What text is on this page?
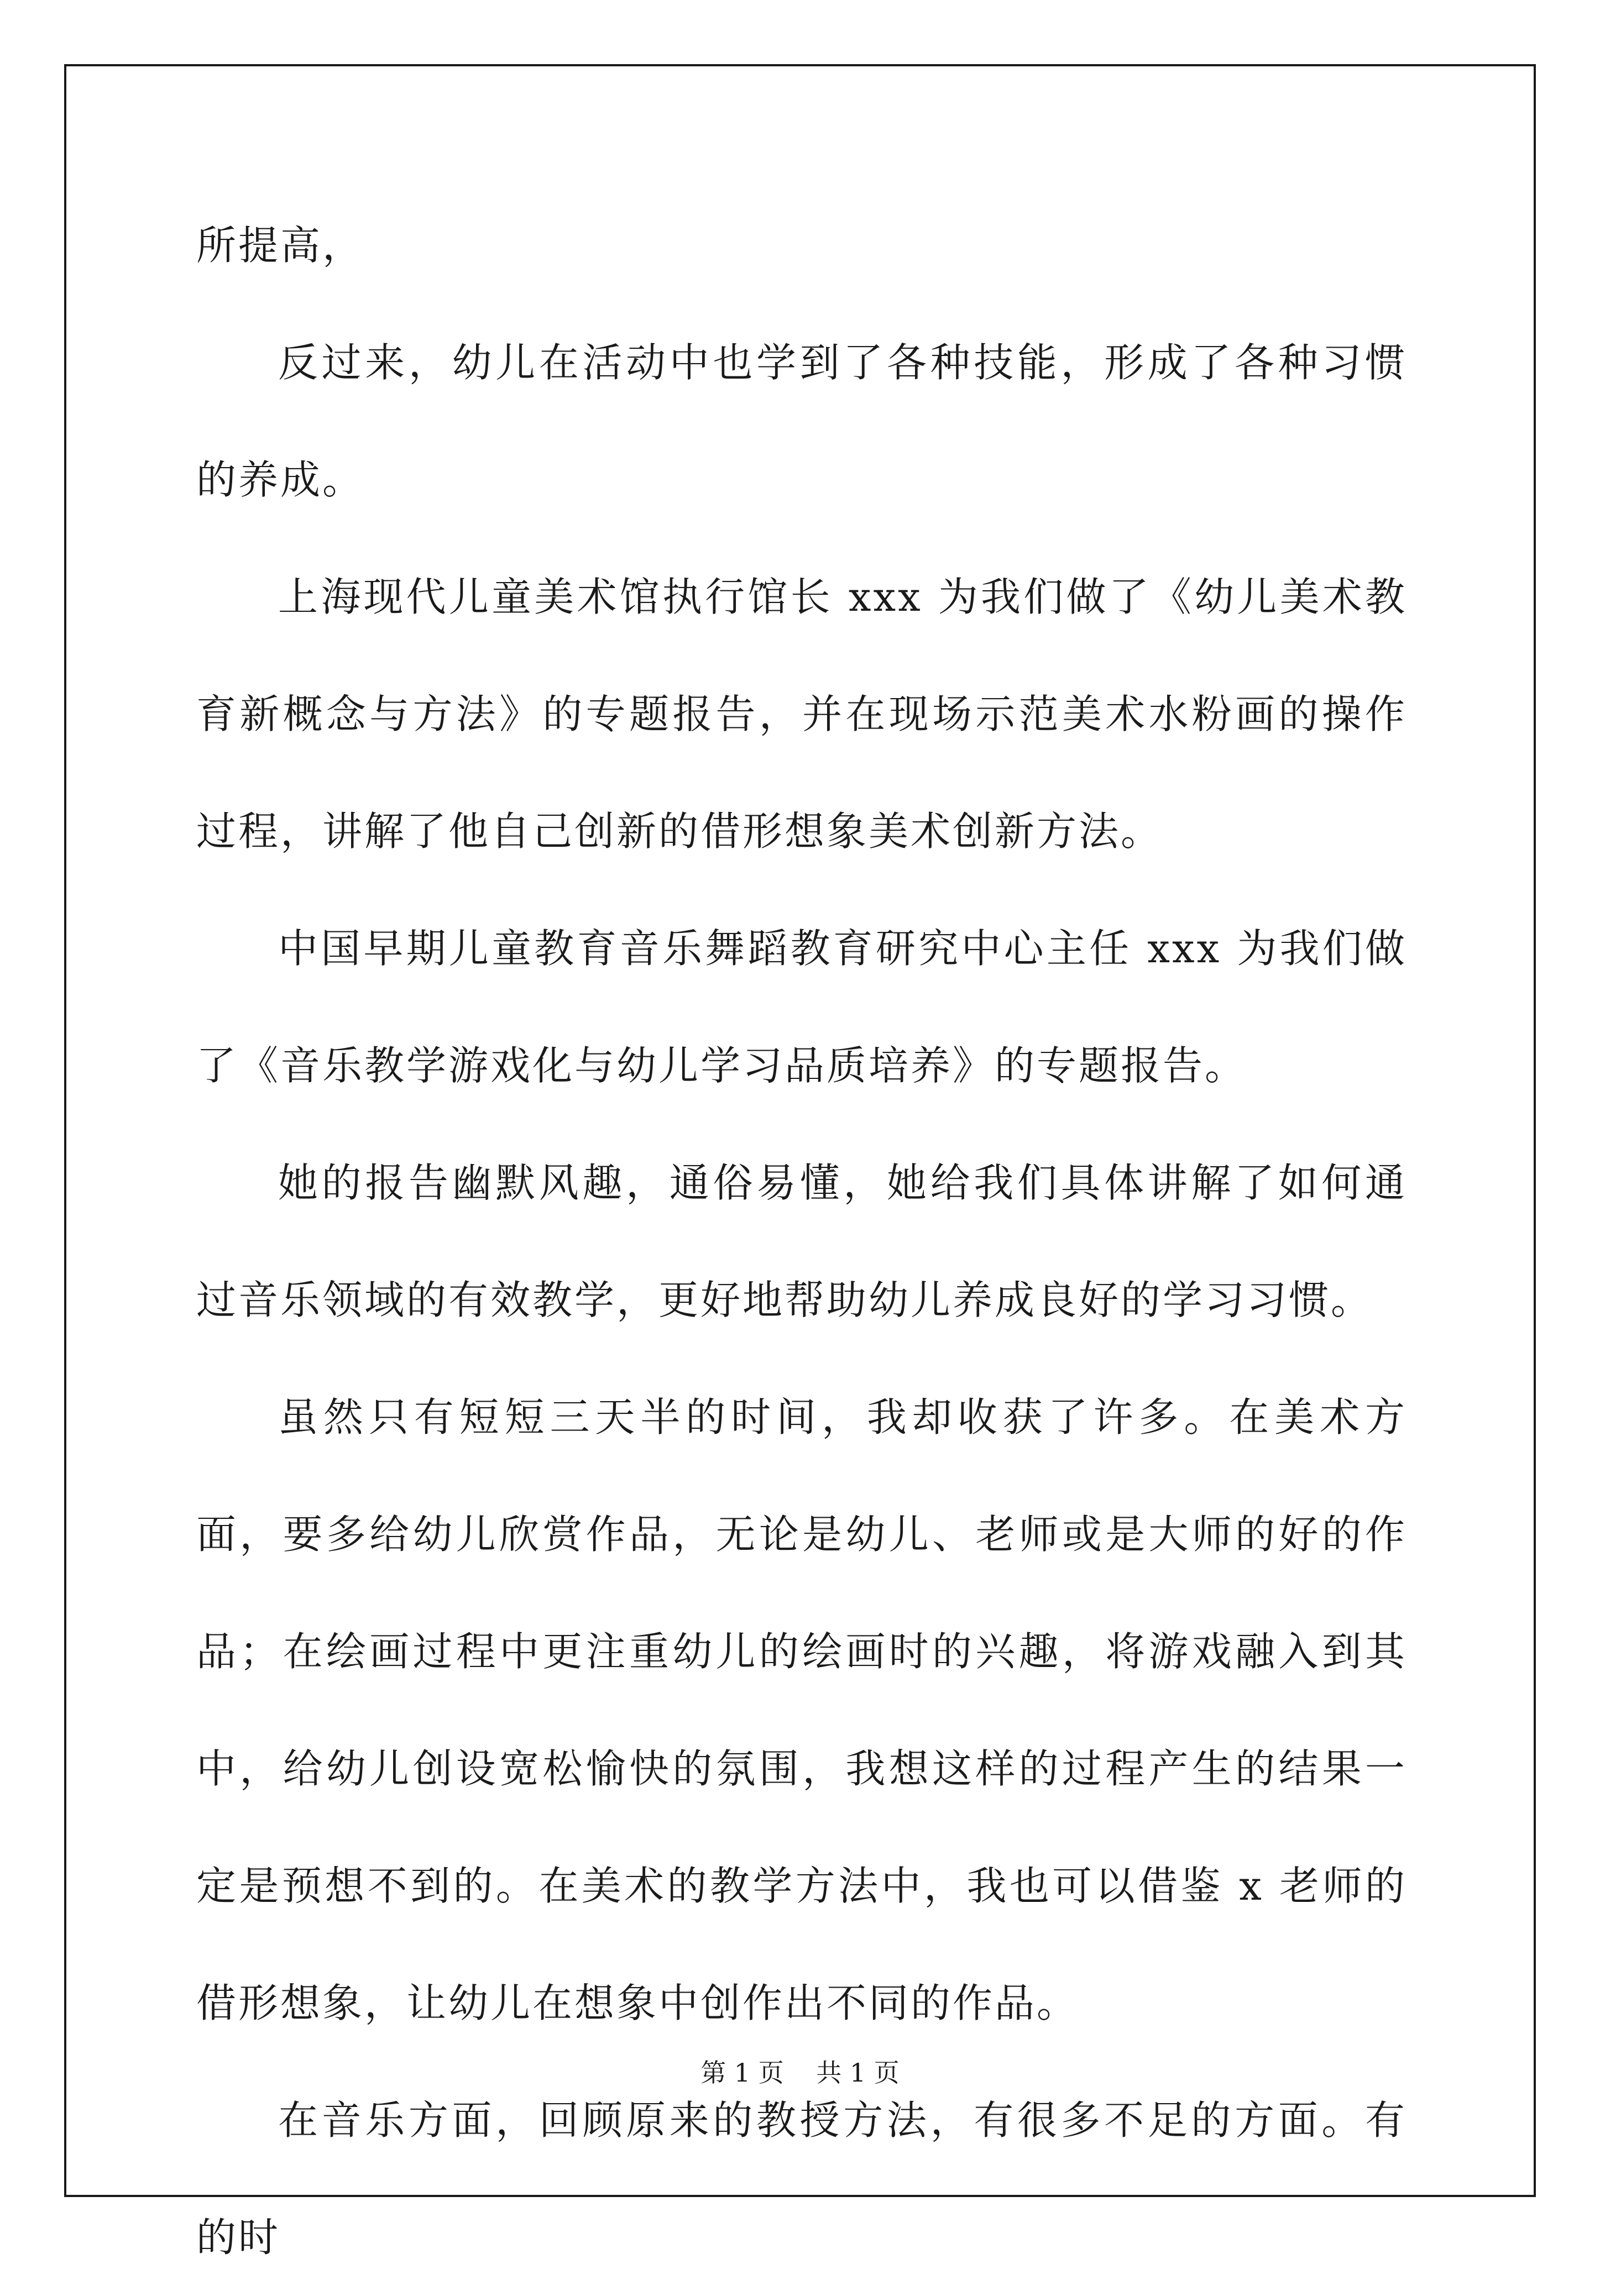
所提高，

反过来，幼儿在活动中也学到了各种技能，形成了各种习惯的养成。

上海现代儿童美术馆执行馆长 xxx 为我们做了《幼儿美术教育新概念与方法》的专题报告，并在现场示范美术水粉画的操作过程，讲解了他自己创新的借形想象美术创新方法。

中国早期儿童教育音乐舞蹈教育研究中心主任 xxx 为我们做了《音乐教学游戏化与幼儿学习品质培养》的专题报告。

她的报告幽默风趣，通俗易懂，她给我们具体讲解了如何通过音乐领域的有效教学，更好地帮助幼儿养成良好的学习习惯。

虽然只有短短三天半的时间，我却收获了许多。在美术方面，要多给幼儿欣赏作品，无论是幼儿、老师或是大师的好的作品；在绘画过程中更注重幼儿的绘画时的兴趣，将游戏融入到其中，给幼儿创设宽松愉快的氛围，我想这样的过程产生的结果一定是预想不到的。在美术的教学方法中，我也可以借鉴 x 老师的借形想象，让幼儿在想象中创作出不同的作品。

在音乐方面，回顾原来的教授方法，有很多不足的方面。有的时

第 1 页    共 1 页
